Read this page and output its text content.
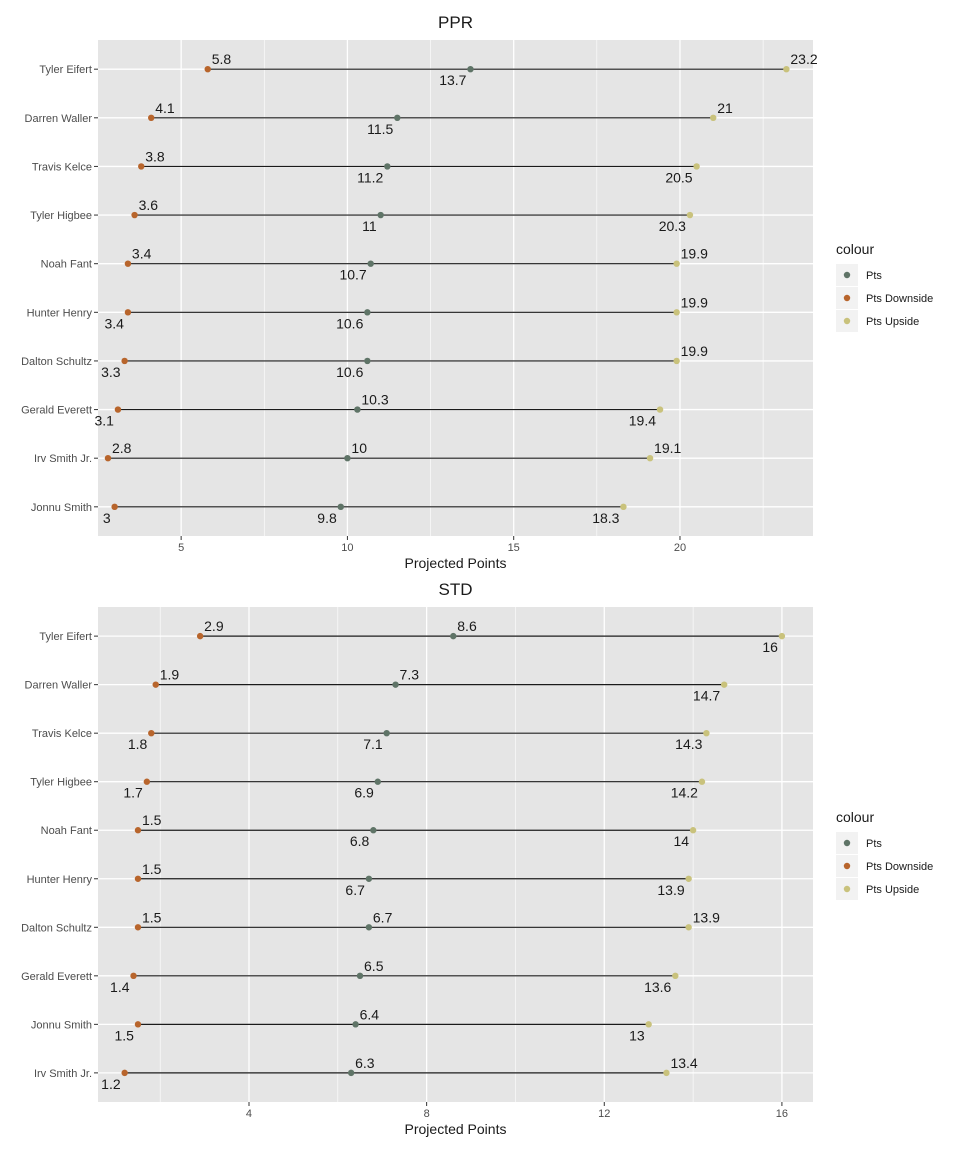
PPR
5	10	15	20
Tyler Eifert
Darren Waller
Travis Kelce
Tyler Higbee
Noah Fant
Hunter Henry
Dalton Schultz
Gerald Everett
Irv Smith Jr.
Jonnu Smith
5.8
4.1
3.8
3.6
3.4
3.4
3.3
3.1
2.8
3
23.2
21
20.5
20.3
19.9
19.9
19.9
19.4
19.1
18.3
13.7
11.5
11.2
11
10.7
10.6
10.6
10.3
10
9.8
Projected Points
colour
Pts
Pts Downside
Pts Upside
STD
4	8	12	16
Tyler Eifert
Darren Waller
Travis Kelce
Tyler Higbee
Noah Fant
Hunter Henry
Dalton Schultz
Gerald Everett
Jonnu Smith
Irv Smith Jr.
2.9
1.9
1.8
1.7
1.5
1.5
1.5
1.4
1.5
1.2
16
14.7
14.3
14.2
14
13.9
13.9
13.6
13
13.4
8.6
7.3
7.1
6.9
6.8
6.7
6.7
6.5
6.4
6.3
Projected Points
colour
Pts
Pts Downside
Pts Upside
